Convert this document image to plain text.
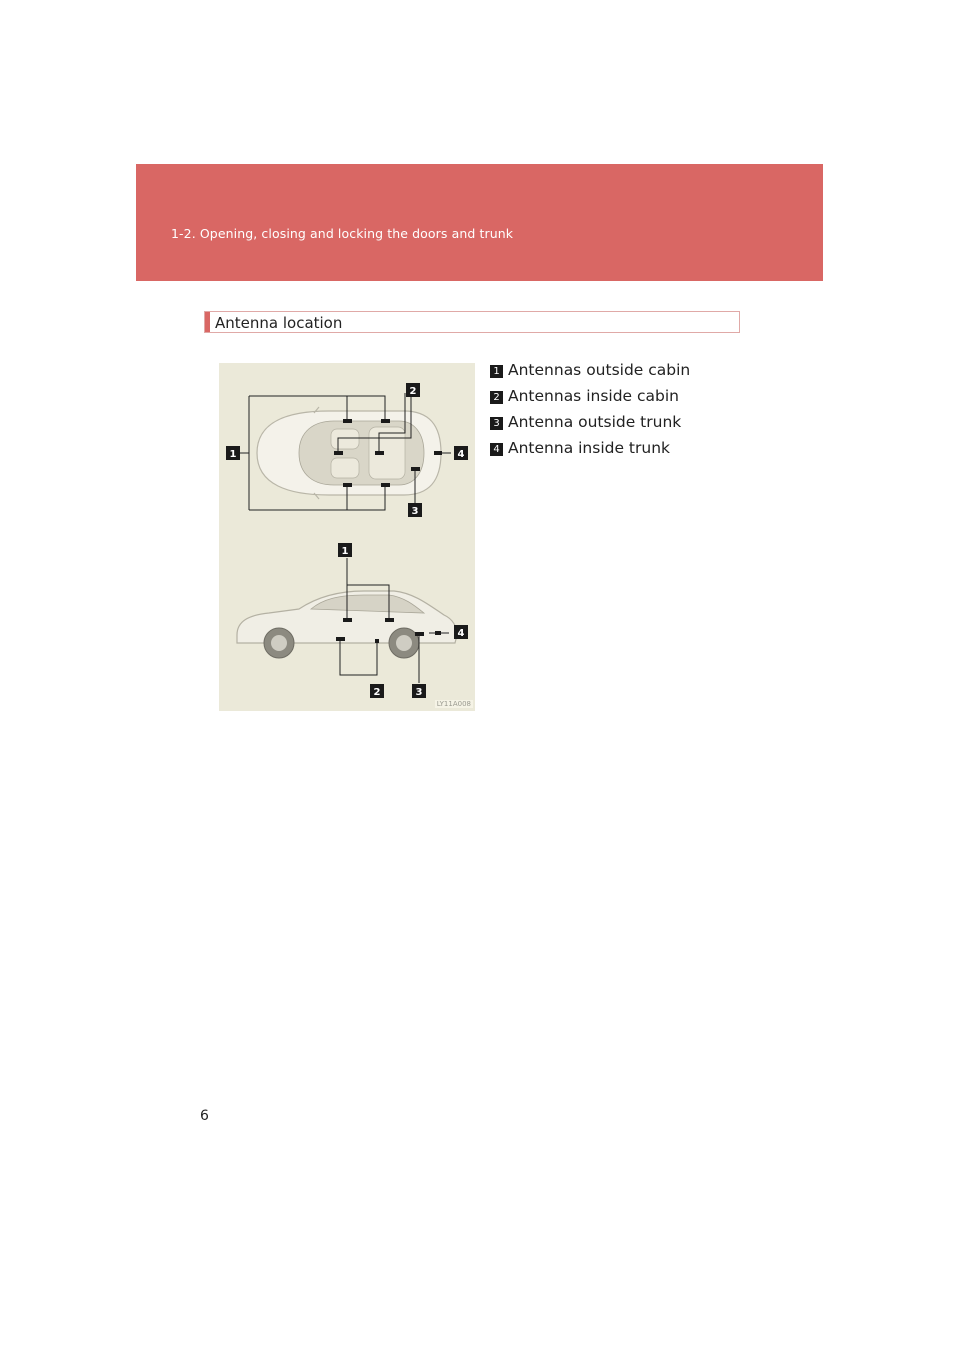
1-2. Opening, closing and locking the doors and trunk
Antenna location
1
2
4
3
1
4
2	3
LY11A008
1 Antennas outside cabin
2 Antennas inside cabin
3 Antenna outside trunk
4 Antenna inside trunk
6
